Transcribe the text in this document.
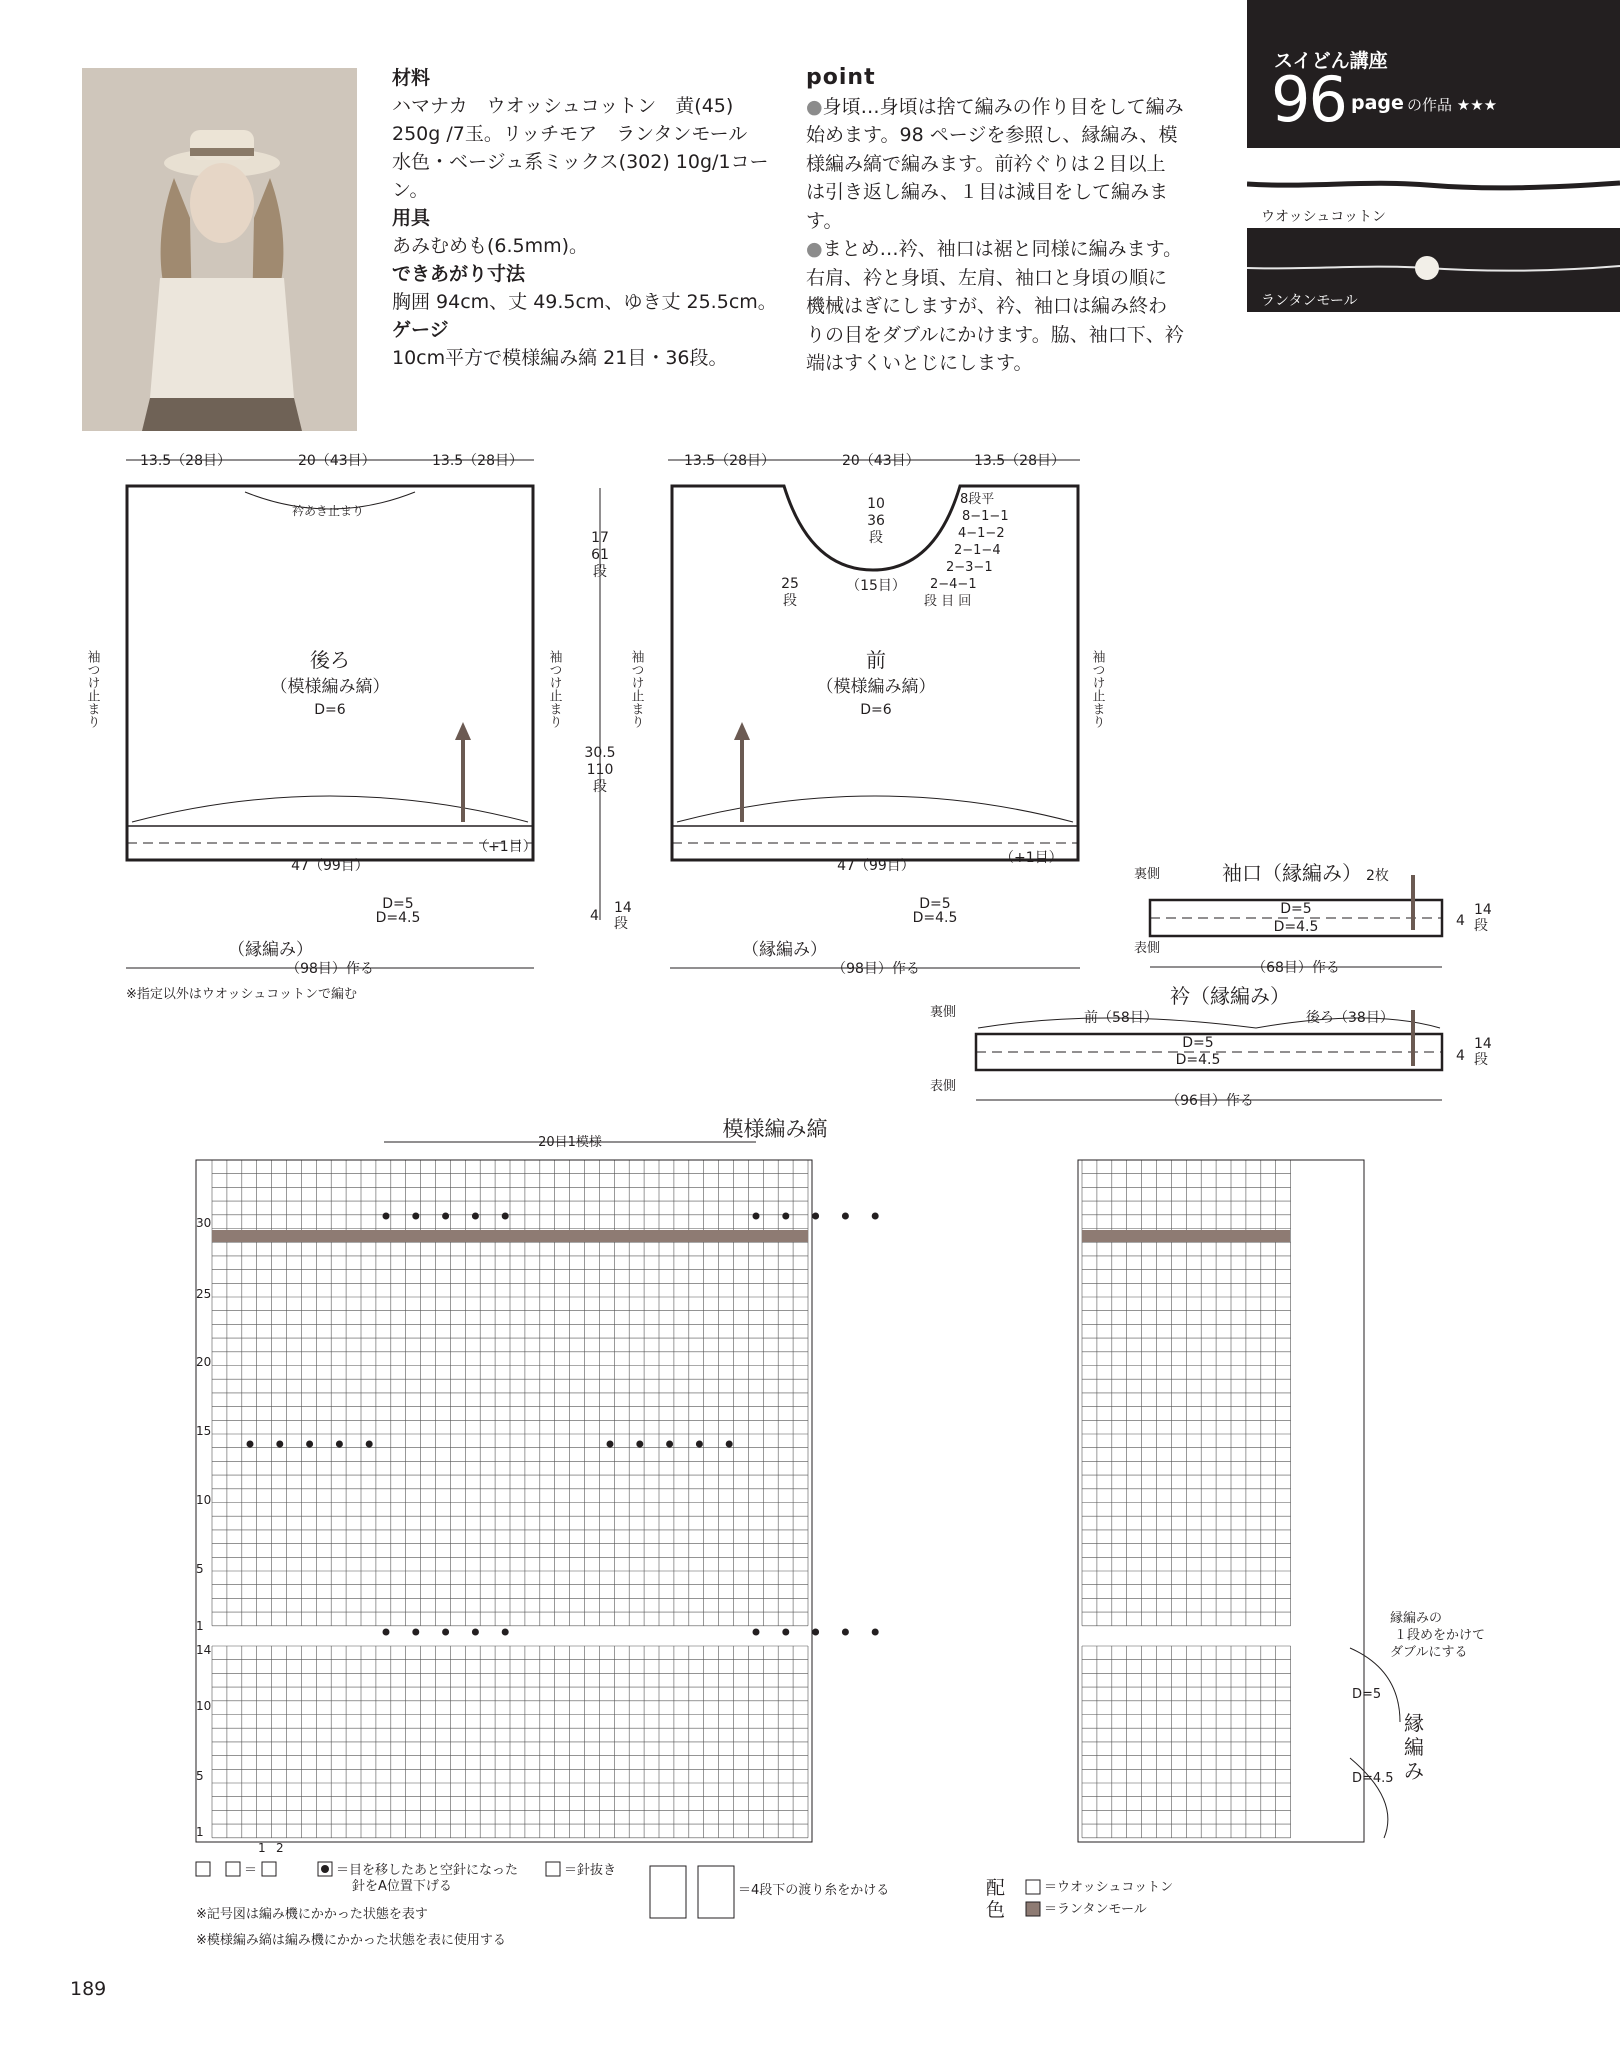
材料
ハマナカ　ウオッシュコットン　黄(45) 250g /7玉。リッチモア　ランタンモール　水色・ベージュ系ミックス(302) 10g/1コーン。
用具
あみむめも(6.5mm)。
できあがり寸法
胸囲 94cm、丈 49.5cm、ゆき丈 25.5cm。
ゲージ
10cm平方で模様編み縞 21目・36段。
point
●身頃…身頃は捨て編みの作り目をして編み始めます。98 ページを参照し、縁編み、模様編み縞で編みます。前衿ぐりは２目以上は引き返し編み、１目は減目をして編みます。
●まとめ…衿、袖口は裾と同様に編みます。右肩、衿と身頃、左肩、袖口と身頃の順に機械はぎにしますが、衿、袖口は編み終わりの目をダブルにかけます。脇、袖口下、衿端はすくいとじにします。
スイどん講座
96 page の作品 ★★★
ウオッシュコットン
ランタンモール
13.5（28目）	20（43目）	13.5（28目）
衿あき止まり
後ろ
（模様編み縞）
D=6
47（99目）
（+1目）
D=5
D=4.5
（縁編み）
（98目）作る
※指定以外はウオッシュコットンで編む
袖つけ止まり	袖つけ止まり
17
61
段
30.5
110
段
4 14
段
13.5（28目）	20（43目）	13.5（28目）
10
36
段
（15目）
25
段
8段平
8−1−1
4−1−2
2−1−4
2−3−1
2−4−1
段 目 回
前
（模様編み縞）
D=6
47（99目）	（+1目）
D=5
D=4.5
（縁編み）
（98目）作る
袖つけ止まり	袖つけ止まり
袖口（縁編み） 2枚
裏側
D=5
D=4.5
表側
（68目）作る
4
14
段
衿（縁編み）
裏側	前（58目）	後ろ（38目）
D=5
D=4.5
表側
（96目）作る
4
14
段
模様編み縞
20目1模様
30
25
20
15
10
5
1
14
10
5
1
1 2
縁編みの
１段めをかけて
ダブルにする
D=5
D=4.5
縁
編
み
＝	＝目を移したあと空針になった
針をA位置下げる
＝針抜き
＝4段下の渡り糸をかける
※記号図は編み機にかかった状態を表す
※模様編み縞は編み機にかかった状態を表に使用する
配
色
＝ウオッシュコットン
＝ランタンモール
189
